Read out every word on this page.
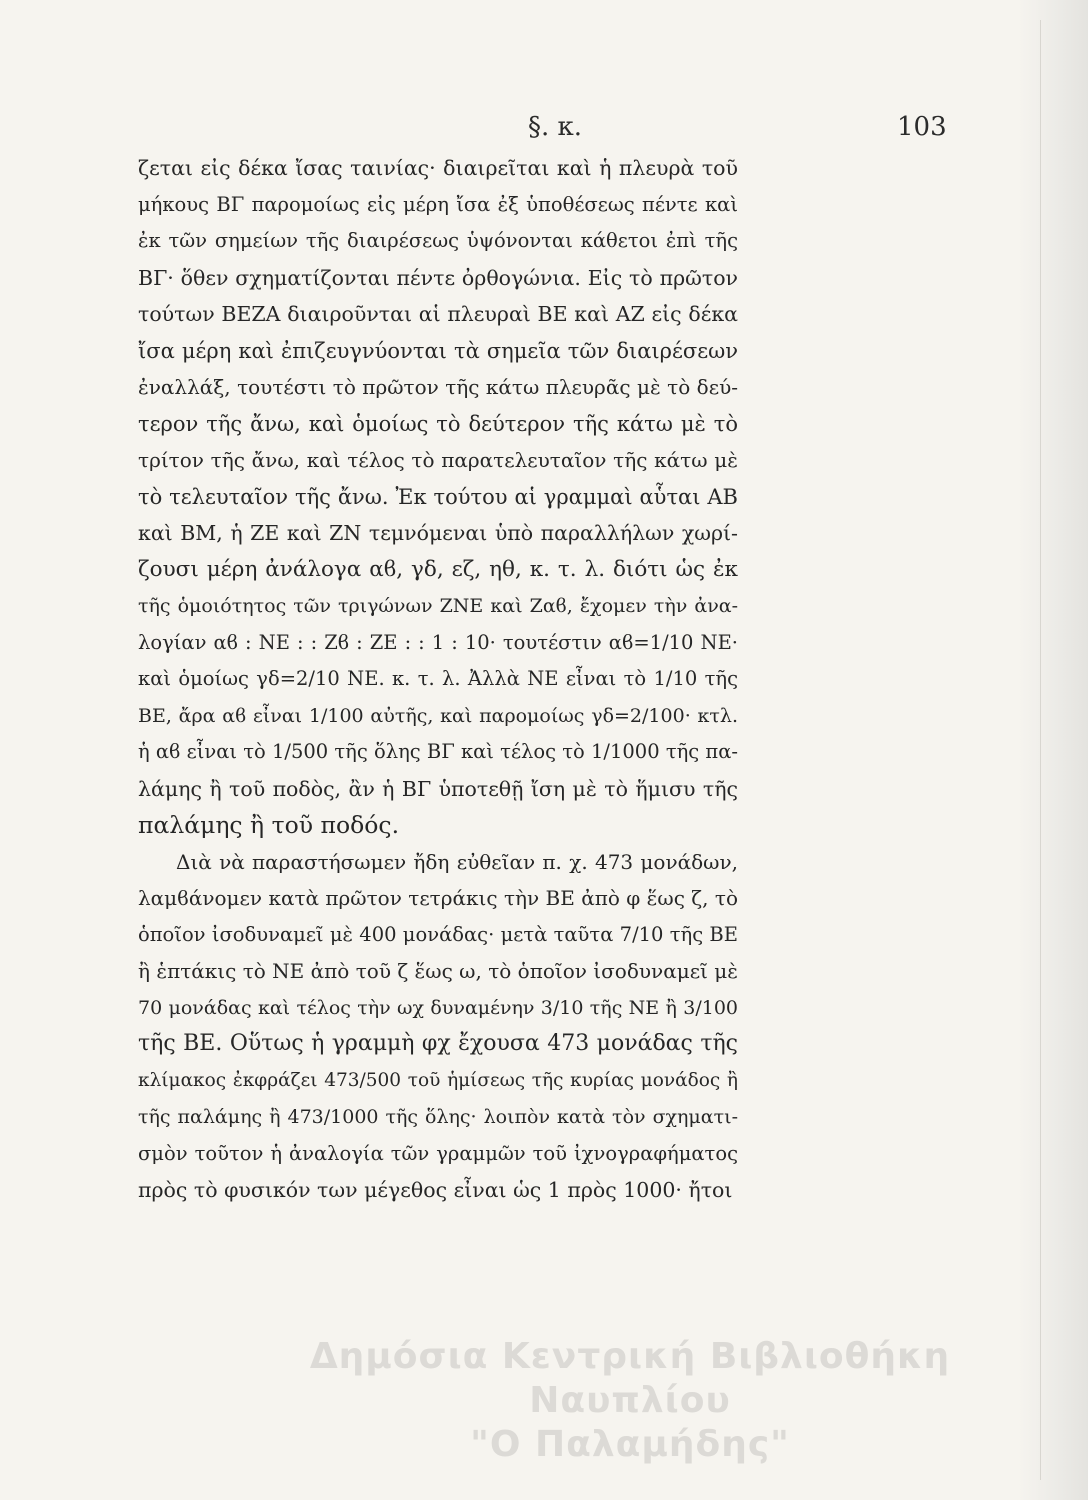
§. κ.	103
ζεται εἰς δέκα ἴσας ταινίας· διαιρεῖται καὶ ἡ πλευρὰ τοῦ
μήκους ΒΓ παρομοίως εἰς μέρη ἴσα ἐξ ὑποθέσεως πέντε καὶ
ἐκ τῶν σημείων τῆς διαιρέσεως ὑψόνονται κάθετοι ἐπὶ τῆς
ΒΓ· ὅθεν σχηματίζονται πέντε ὀρθογώνια. Εἰς τὸ πρῶτον
τούτων ΒΕΖΑ διαιροῦνται αἱ πλευραὶ ΒΕ καὶ ΑΖ εἰς δέκα
ἴσα μέρη καὶ ἐπιζευγνύονται τὰ σημεῖα τῶν διαιρέσεων
ἐναλλάξ, τουτέστι τὸ πρῶτον τῆς κάτω πλευρᾶς μὲ τὸ δεύ-
τερον τῆς ἄνω, καὶ ὁμοίως τὸ δεύτερον τῆς κάτω μὲ τὸ
τρίτον τῆς ἄνω, καὶ τέλος τὸ παρατελευταῖον τῆς κάτω μὲ
τὸ τελευταῖον τῆς ἄνω. Ἐκ τούτου αἱ γραμμαὶ αὗται ΑΒ
καὶ ΒΜ, ἡ ΖΕ καὶ ΖΝ τεμνόμεναι ὑπὸ παραλλήλων χωρί-
ζουσι μέρη ἀνάλογα αϐ, γδ, εζ, ηθ, κ. τ. λ. διότι ὡς ἐκ
τῆς ὁμοιότητος τῶν τριγώνων ΖΝΕ καὶ Ζαϐ, ἔχομεν τὴν ἀνα-
λογίαν αϐ : ΝΕ : : Ζϐ : ΖΕ : : 1 : 10· τουτέστιν αϐ=1/10 ΝΕ·
καὶ ὁμοίως γδ=2/10 ΝΕ. κ. τ. λ. Ἀλλὰ ΝΕ εἶναι τὸ 1/10 τῆς
ΒΕ, ἄρα αϐ εἶναι 1/100 αὐτῆς, καὶ παρομοίως γδ=2/100· κτλ.
ἡ αϐ εἶναι τὸ 1/500 τῆς ὅλης ΒΓ καὶ τέλος τὸ 1/1000 τῆς πα-
λάμης ἢ τοῦ ποδὸς, ἂν ἡ ΒΓ ὑποτεθῇ ἴση μὲ τὸ ἥμισυ τῆς
παλάμης ἢ τοῦ ποδός.
Διὰ νὰ παραστήσωμεν ἤδη εὐθεῖαν π. χ. 473 μονάδων,
λαμϐάνομεν κατὰ πρῶτον τετράκις τὴν ΒΕ ἀπὸ φ ἕως ζ, τὸ
ὁποῖον ἰσοδυναμεῖ μὲ 400 μονάδας· μετὰ ταῦτα 7/10 τῆς ΒΕ
ἢ ἑπτάκις τὸ ΝΕ ἀπὸ τοῦ ζ ἕως ω, τὸ ὁποῖον ἰσοδυναμεῖ μὲ
70 μονάδας καὶ τέλος τὴν ωχ δυναμένην 3/10 τῆς ΝΕ ἢ 3/100
τῆς ΒΕ. Οὕτως ἡ γραμμὴ φχ ἔχουσα 473 μονάδας τῆς
κλίμακος ἐκφράζει 473/500 τοῦ ἡμίσεως τῆς κυρίας μονάδος ἢ
τῆς παλάμης ἢ 473/1000 τῆς ὅλης· λοιπὸν κατὰ τὸν σχηματι-
σμὸν τοῦτον ἡ ἀναλογία τῶν γραμμῶν τοῦ ἰχνογραφήματος
πρὸς τὸ φυσικόν των μέγεθος εἶναι ὡς 1 πρὸς 1000· ἤτοι
Δημόσια Κεντρική Βιβλιοθήκη Ναυπλίου
"Ο Παλαμήδης"
